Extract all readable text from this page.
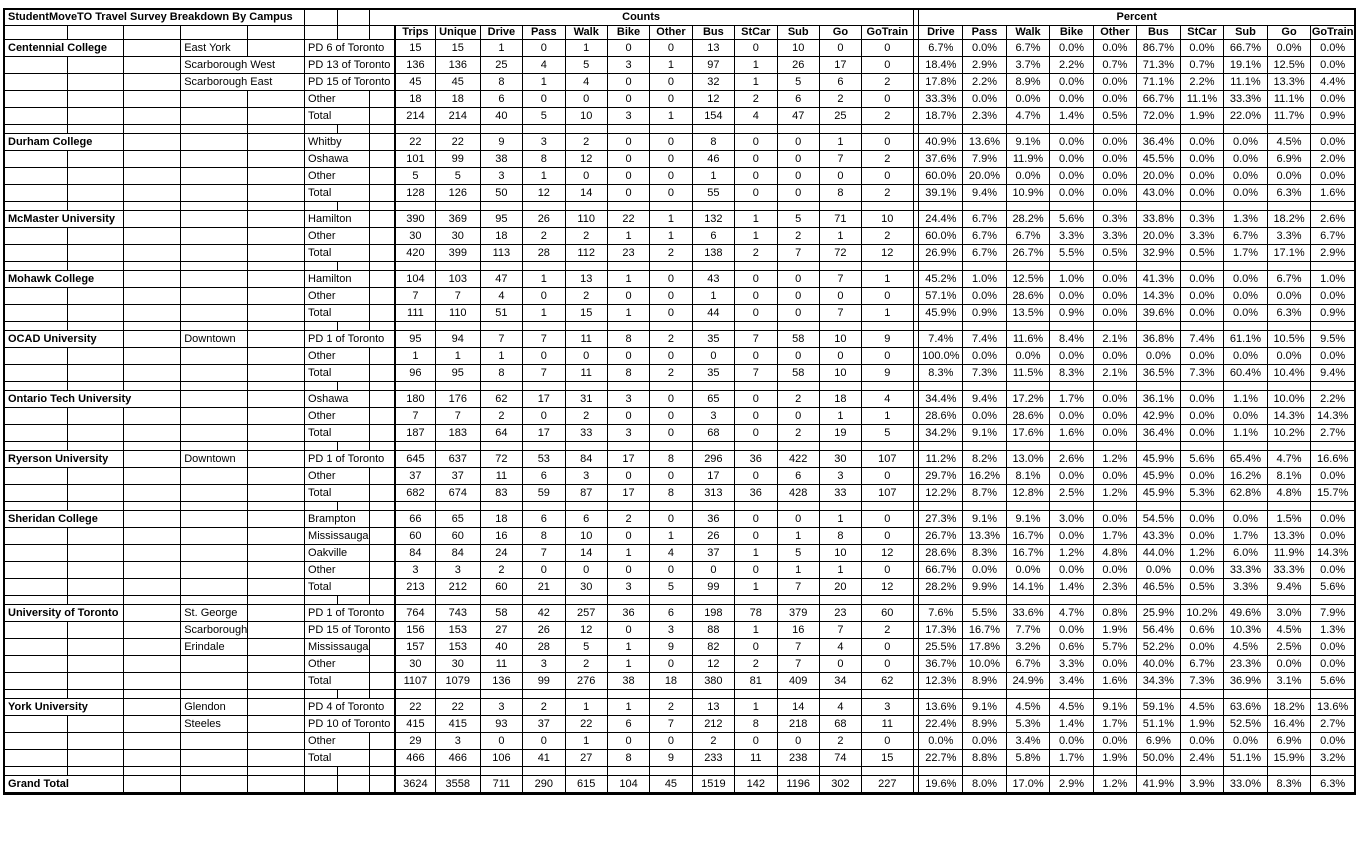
StudentMoveTO Travel Survey Breakdown By Campus							Counts														Percent									
								Trips	Unique	Drive	Pass	Walk	Bike	Other	Bus	StCar	Sub	Go	GoTrain		Drive	Pass	Walk	Bike	Other	Bus	StCar	Sub	Go	GoTrain
Centennial College			East York		PD 6 of Toronto			15	15	1	0	1	0	0	13	0	10	0	0		6.7%	0.0%	6.7%	0.0%	0.0%	86.7%	0.0%	66.7%	0.0%	0.0%
			Scarborough West		PD 13 of Toronto			136	136	25	4	5	3	1	97	1	26	17	0		18.4%	2.9%	3.7%	2.2%	0.7%	71.3%	0.7%	19.1%	12.5%	0.0%
			Scarborough East		PD 15 of Toronto			45	45	8	1	4	0	0	32	1	5	6	2		17.8%	2.2%	8.9%	0.0%	0.0%	71.1%	2.2%	11.1%	13.3%	4.4%
					Other			18	18	6	0	0	0	0	12	2	6	2	0		33.3%	0.0%	0.0%	0.0%	0.0%	66.7%	11.1%	33.3%	11.1%	0.0%
					Total			214	214	40	5	10	3	1	154	4	47	25	2		18.7%	2.3%	4.7%	1.4%	0.5%	72.0%	1.9%	22.0%	11.7%	0.9%

Durham College					Whitby			22	22	9	3	2	0	0	8	0	0	1	0		40.9%	13.6%	9.1%	0.0%	0.0%	36.4%	0.0%	0.0%	4.5%	0.0%
					Oshawa			101	99	38	8	12	0	0	46	0	0	7	2		37.6%	7.9%	11.9%	0.0%	0.0%	45.5%	0.0%	0.0%	6.9%	2.0%
					Other			5	5	3	1	0	0	0	1	0	0	0	0		60.0%	20.0%	0.0%	0.0%	0.0%	20.0%	0.0%	0.0%	0.0%	0.0%
					Total			128	126	50	12	14	0	0	55	0	0	8	2		39.1%	9.4%	10.9%	0.0%	0.0%	43.0%	0.0%	0.0%	6.3%	1.6%

McMaster University					Hamilton			390	369	95	26	110	22	1	132	1	5	71	10		24.4%	6.7%	28.2%	5.6%	0.3%	33.8%	0.3%	1.3%	18.2%	2.6%
					Other			30	30	18	2	2	1	1	6	1	2	1	2		60.0%	6.7%	6.7%	3.3%	3.3%	20.0%	3.3%	6.7%	3.3%	6.7%
					Total			420	399	113	28	112	23	2	138	2	7	72	12		26.9%	6.7%	26.7%	5.5%	0.5%	32.9%	0.5%	1.7%	17.1%	2.9%

Mohawk College					Hamilton			104	103	47	1	13	1	0	43	0	0	7	1		45.2%	1.0%	12.5%	1.0%	0.0%	41.3%	0.0%	0.0%	6.7%	1.0%
					Other			7	7	4	0	2	0	0	1	0	0	0	0		57.1%	0.0%	28.6%	0.0%	0.0%	14.3%	0.0%	0.0%	0.0%	0.0%
					Total			111	110	51	1	15	1	0	44	0	0	7	1		45.9%	0.9%	13.5%	0.9%	0.0%	39.6%	0.0%	0.0%	6.3%	0.9%

OCAD University			Downtown		PD 1 of Toronto			95	94	7	7	11	8	2	35	7	58	10	9		7.4%	7.4%	11.6%	8.4%	2.1%	36.8%	7.4%	61.1%	10.5%	9.5%
					Other			1	1	1	0	0	0	0	0	0	0	0	0		100.0%	0.0%	0.0%	0.0%	0.0%	0.0%	0.0%	0.0%	0.0%	0.0%
					Total			96	95	8	7	11	8	2	35	7	58	10	9		8.3%	7.3%	11.5%	8.3%	2.1%	36.5%	7.3%	60.4%	10.4%	9.4%

Ontario Tech University					Oshawa			180	176	62	17	31	3	0	65	0	2	18	4		34.4%	9.4%	17.2%	1.7%	0.0%	36.1%	0.0%	1.1%	10.0%	2.2%
					Other			7	7	2	0	2	0	0	3	0	0	1	1		28.6%	0.0%	28.6%	0.0%	0.0%	42.9%	0.0%	0.0%	14.3%	14.3%
					Total			187	183	64	17	33	3	0	68	0	2	19	5		34.2%	9.1%	17.6%	1.6%	0.0%	36.4%	0.0%	1.1%	10.2%	2.7%

Ryerson University			Downtown		PD 1 of Toronto			645	637	72	53	84	17	8	296	36	422	30	107		11.2%	8.2%	13.0%	2.6%	1.2%	45.9%	5.6%	65.4%	4.7%	16.6%
					Other			37	37	11	6	3	0	0	17	0	6	3	0		29.7%	16.2%	8.1%	0.0%	0.0%	45.9%	0.0%	16.2%	8.1%	0.0%
					Total			682	674	83	59	87	17	8	313	36	428	33	107		12.2%	8.7%	12.8%	2.5%	1.2%	45.9%	5.3%	62.8%	4.8%	15.7%

Sheridan College					Brampton			66	65	18	6	6	2	0	36	0	0	1	0		27.3%	9.1%	9.1%	3.0%	0.0%	54.5%	0.0%	0.0%	1.5%	0.0%
					Mississauga			60	60	16	8	10	0	1	26	0	1	8	0		26.7%	13.3%	16.7%	0.0%	1.7%	43.3%	0.0%	1.7%	13.3%	0.0%
					Oakville			84	84	24	7	14	1	4	37	1	5	10	12		28.6%	8.3%	16.7%	1.2%	4.8%	44.0%	1.2%	6.0%	11.9%	14.3%
					Other			3	3	2	0	0	0	0	0	0	1	1	0		66.7%	0.0%	0.0%	0.0%	0.0%	0.0%	0.0%	33.3%	33.3%	0.0%
					Total			213	212	60	21	30	3	5	99	1	7	20	12		28.2%	9.9%	14.1%	1.4%	2.3%	46.5%	0.5%	3.3%	9.4%	5.6%

University of Toronto			St. George		PD 1 of Toronto			764	743	58	42	257	36	6	198	78	379	23	60		7.6%	5.5%	33.6%	4.7%	0.8%	25.9%	10.2%	49.6%	3.0%	7.9%
			Scarborough		PD 15 of Toronto			156	153	27	26	12	0	3	88	1	16	7	2		17.3%	16.7%	7.7%	0.0%	1.9%	56.4%	0.6%	10.3%	4.5%	1.3%
			Erindale		Mississauga			157	153	40	28	5	1	9	82	0	7	4	0		25.5%	17.8%	3.2%	0.6%	5.7%	52.2%	0.0%	4.5%	2.5%	0.0%
					Other			30	30	11	3	2	1	0	12	2	7	0	0		36.7%	10.0%	6.7%	3.3%	0.0%	40.0%	6.7%	23.3%	0.0%	0.0%
					Total			1107	1079	136	99	276	38	18	380	81	409	34	62		12.3%	8.9%	24.9%	3.4%	1.6%	34.3%	7.3%	36.9%	3.1%	5.6%

York University			Glendon		PD 4 of Toronto			22	22	3	2	1	1	2	13	1	14	4	3		13.6%	9.1%	4.5%	4.5%	9.1%	59.1%	4.5%	63.6%	18.2%	13.6%
			Steeles		PD 10 of Toronto			415	415	93	37	22	6	7	212	8	218	68	11		22.4%	8.9%	5.3%	1.4%	1.7%	51.1%	1.9%	52.5%	16.4%	2.7%
					Other			29	3	0	0	1	0	0	2	0	0	2	0		0.0%	0.0%	3.4%	0.0%	0.0%	6.9%	0.0%	0.0%	6.9%	0.0%
					Total			466	466	106	41	27	8	9	233	11	238	74	15		22.7%	8.8%	5.8%	1.7%	1.9%	50.0%	2.4%	51.1%	15.9%	3.2%

Grand Total								3624	3558	711	290	615	104	45	1519	142	1196	302	227		19.6%	8.0%	17.0%	2.9%	1.2%	41.9%	3.9%	33.0%	8.3%	6.3%
